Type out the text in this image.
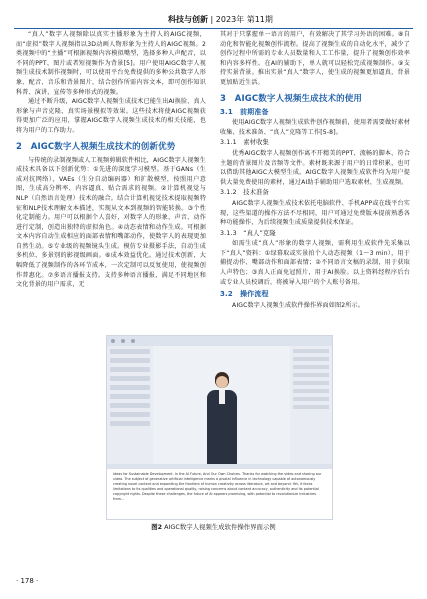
科技与创新 | 2023年 第11期

“真人”数字人视频除以真实主播形象为主持人的AIGC视频，而“虚拟”数字人视频指以3D动画人物形象为主持人的AIGC视频。2类视频中的“主播”可根据视频内容模拟嘴型，选择多种人声配音，以不同的PPT、图片或者短视频作为背景[5]。用户使用AIGC数字人视频生成技术制作视频时，可以使用平台免费提供的多种公共数字人形象、配音、音乐和背景图片，结合创作所需内容文本，即可创作知识科普、演讲、宣传等多种形式的视频。

通过不断升级，AIGC数字人视频生成技术已能生出AI换脸、真人形象与声音克隆、真实场景模拟等效果。这些技术将使AIGC视频获得更加广泛的应用，掌握AIGC数字人视频生成技术的相关技能，也将为用户的工作助力。

2　AIGC数字人视频生成技术的创新优势

与传统的录制视频或人工视频剪辑软件相比，AIGC数字人视频生成技术具备以下创新优势：①先进的深度学习模型。基于GANs（生成对抗网络）、VAEs（生分自动编码器）和扩散模型，按照用户意图，生成高分辨率、内容逼真、贴合需求的视频。②计算机视觉与NLP（自然语言处理）技术的融合。结合计算机视觉技术提取视频特征和NLP技术理解文本描述，实现从文本到视频的智能转换。③个性化定制能力。用户可以根据个人喜好，对数字人的形象、声音、动作进行定制，创造出独特的虚拟角色。④动态表情和动作生成。可根据文本内容自动生成相应的面部表情和嘴部动作，使数字人的表现更加自然生动。⑤专业级的视频镜头生成。模仿专业摄影手法，自动生成多机位、多景别的影视级画面。⑥成本效益优化。通过技术创新，大幅降低了视频制作的各环节成本，一次定制可以反复使用，使视频创作普惠化。⑦多语言播报支持。支持多种语言播报，满足不同地区和文化背景的用户需求，无

其对于只掌握单一语言的用户，有效解决了其学习外语的困难。⑧自动化和智能化视频创作流程。提高了视频生成的自动化水平，减少了创作过程中所需的专业人员数量和人工工作量，提升了视频创作效率和内容多样性。在AI的辅助下，单人就可以轻松完成视频制作。⑨支持实景背景。推出实景“真人”数字人，使生成的视频更加逼真，背景更加贴近生活。

3　AIGC数字人视频生成技术的使用
3.1　前期准备

使用AIGC数字人视频生成软件创作视频前，使用者需要做好素材收集、技术准备、“真人”克隆等工作[5-8]。

3.1.1　素材收集

优秀AIGC数字人视频创作离不开精美的PPT、流畅的脚本、符合主题的背景图片及音频等文件。素材既来源于用户的日常积累，也可以借助其他AIGC大模型生成。AIGC数字人视频生成软件均为用户提供大量免费使用的素材，通过AI助手辅助用户选取素材，生成视频。

3.1.2　技术准备

AIGC数字人视频生成技术依托电脑软件、手机APP或在线平台实现，这些渠道的操作方法不尽相同，用户可通过免费版本提前熟悉各种功能操作，为后续视频生成质量提供技术保证。

3.1.3　“真人”克隆

如需生成“真人”形象的数字人视频，需利用生成软件先采集以下“真人”资料：①绿幕取或实景拍个人动态视频（1～3 min），用于捕捉动作、嘴部动作和面部表情；②不同语言文稿的录制，用于获取人声特色；③真人正面免冠照片，用于AI换脸。以上资料经程序后台或专业人员校调后，将被导入用户的个人账号备用。

3.2　操作流程

AIGC数字人视频生成软件操作界面如图2所示。

Ideas for Sustainable Development. In the AI Future, And Our Own Choices. Thanks for watching the video and sharing our video. The subject of generative artificial intelligence marks a pivotal influence in technology capable of autonomously creating novel content and expanding the frontiers of human creativity across literature, art and beyond. Yet, it faces limitations to its qualities and operational quality, raising concerns about content accuracy, authenticity and its potential copyright rights. Despite these challenges, the future of AI appears promising, with potential to revolutionize industries from...
图2 AIGC数字人视频生成软件操作界面示例
· 178 ·
